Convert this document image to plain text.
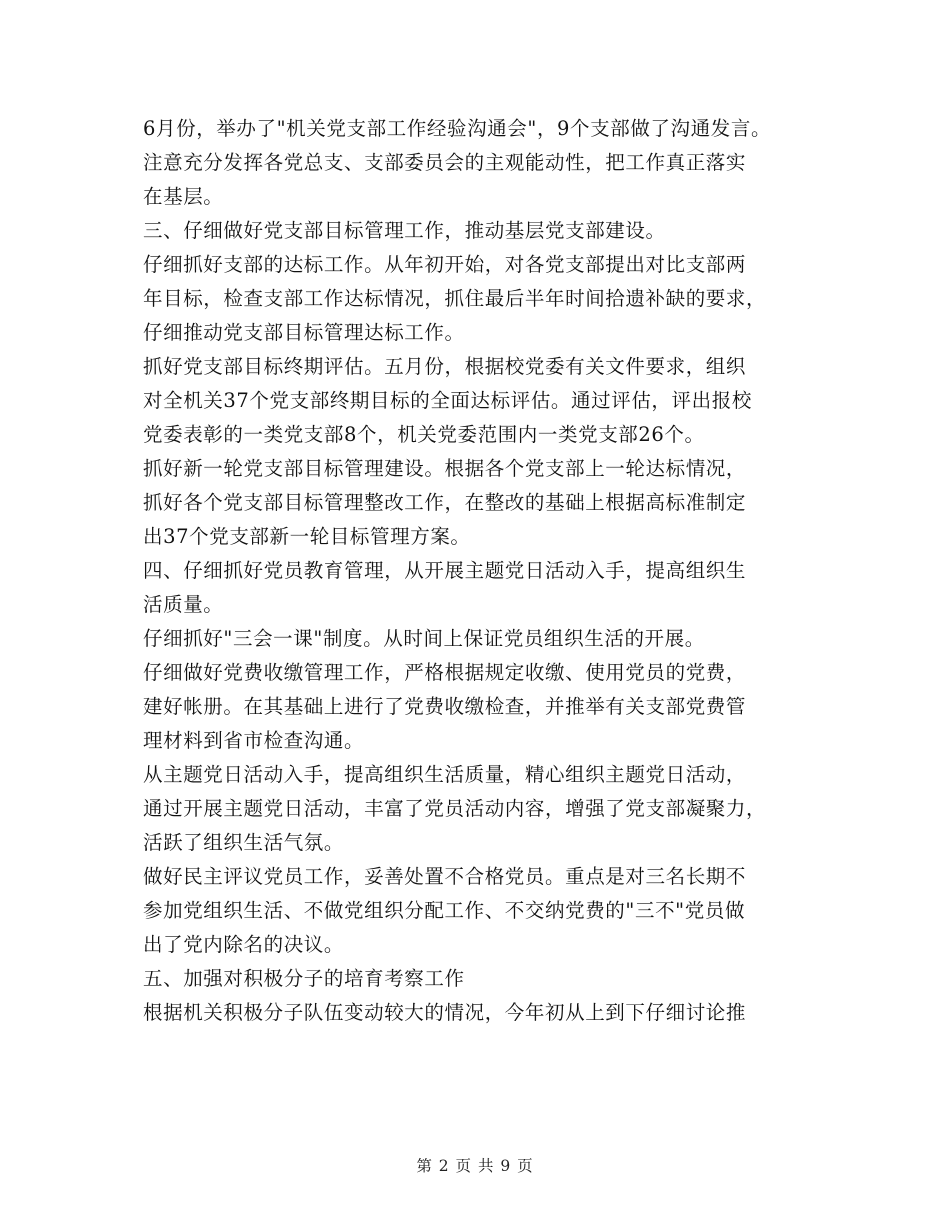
6月份，举办了"机关党支部工作经验沟通会"，9个支部做了沟通发言。
注意充分发挥各党总支、支部委员会的主观能动性，把工作真正落实
在基层。
三、仔细做好党支部目标管理工作，推动基层党支部建设。
仔细抓好支部的达标工作。从年初开始，对各党支部提出对比支部两
年目标，检查支部工作达标情况，抓住最后半年时间拾遗补缺的要求，
仔细推动党支部目标管理达标工作。
抓好党支部目标终期评估。五月份，根据校党委有关文件要求，组织
对全机关37个党支部终期目标的全面达标评估。通过评估，评出报校
党委表彰的一类党支部8个，机关党委范围内一类党支部26个。
抓好新一轮党支部目标管理建设。根据各个党支部上一轮达标情况，
抓好各个党支部目标管理整改工作，在整改的基础上根据高标准制定
出37个党支部新一轮目标管理方案。
四、仔细抓好党员教育管理，从开展主题党日活动入手，提高组织生
活质量。
仔细抓好"三会一课"制度。从时间上保证党员组织生活的开展。
仔细做好党费收缴管理工作，严格根据规定收缴、使用党员的党费，
建好帐册。在其基础上进行了党费收缴检查，并推举有关支部党费管
理材料到省市检查沟通。
从主题党日活动入手，提高组织生活质量，精心组织主题党日活动，
通过开展主题党日活动，丰富了党员活动内容，增强了党支部凝聚力，
活跃了组织生活气氛。
做好民主评议党员工作，妥善处置不合格党员。重点是对三名长期不
参加党组织生活、不做党组织分配工作、不交纳党费的"三不"党员做
出了党内除名的决议。
五、加强对积极分子的培育考察工作
根据机关积极分子队伍变动较大的情况，今年初从上到下仔细讨论推
第 2 页 共 9 页
